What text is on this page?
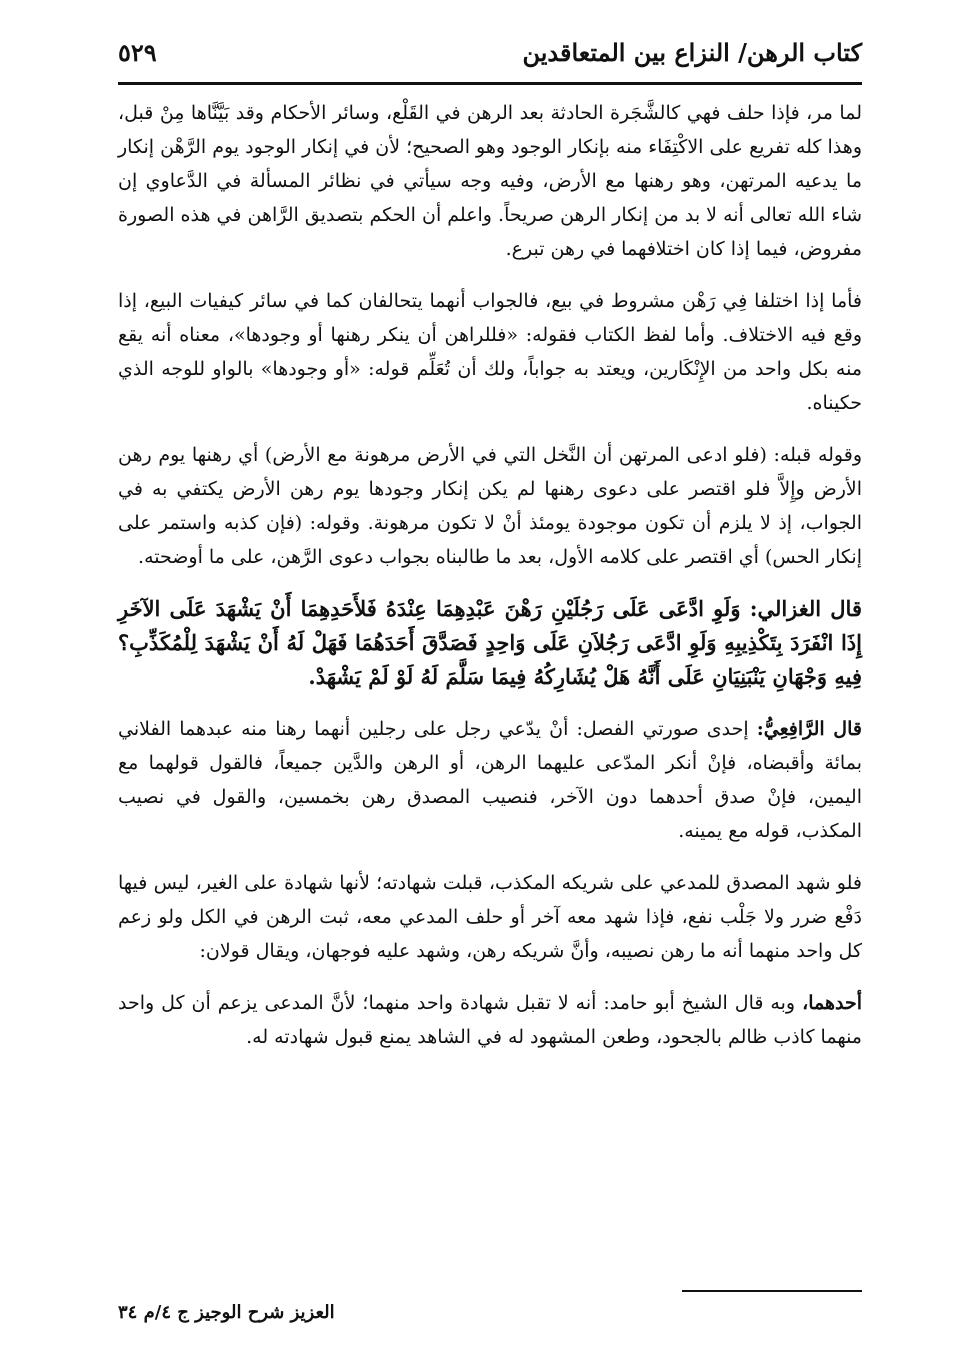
كتاب الرهن/ النزاع بين المتعاقدين
٥٢٩

لما مر، فإذا حلف فهي كالشَّجَرة الحادثة بعد الرهن في القَلْع، وسائر الأحكام وقد بَيَّنَّاها مِنْ قبل، وهذا كله تفريع على الاكْتِفَاء منه بإنكار الوجود وهو الصحيح؛ لأن في إنكار الوجود يوم الرَّهْن إنكار ما يدعيه المرتهن، وهو رهنها مع الأرض، وفيه وجه سيأتي في نظائر المسألة في الدَّعاوي إن شاء الله تعالى أنه لا بد من إنكار الرهن صريحاً. واعلم أن الحكم بتصديق الرَّاهن في هذه الصورة مفروض، فيما إذا كان اختلافهما في رهن تبرع.

فأما إذا اختلفا فِي رَهْن مشروط في بيع، فالجواب أنهما يتحالفان كما في سائر كيفيات البيع، إذا وقع فيه الاختلاف. وأما لفظ الكتاب فقوله: «فللراهن أن ينكر رهنها أو وجودها»، معناه أنه يقع منه بكل واحد من الإِنْكَارين، ويعتد به جواباً، ولك أن تُعَلِّم قوله: «أو وجودها» بالواو للوجه الذي حكيناه.

وقوله قبله: (فلو ادعى المرتهن أن النَّخل التي في الأرض مرهونة مع الأرض) أي رهنها يوم رهن الأرض وإِلاَّ فلو اقتصر على دعوى رهنها لم يكن إنكار وجودها يوم رهن الأرض يكتفي به في الجواب، إذ لا يلزم أن تكون موجودة يومئذ أنْ لا تكون مرهونة. وقوله: (فإن كذبه واستمر على إنكار الحس) أي اقتصر على كلامه الأول، بعد ما طالبناه بجواب دعوى الرَّهن، على ما أوضحته.

قال الغزالي: وَلَوِ ادَّعَى عَلَى رَجُلَيْنِ رَهْنَ عَبْدِهِمَا عِنْدَهُ فَلأَحَدِهِمَا أَنْ يَشْهَدَ عَلَى الآخَرِ إِذَا انْفَرَدَ بِتَكْذِيبِهِ وَلَوِ ادَّعَى رَجُلاَنِ عَلَى وَاحِدٍ فَصَدَّقَ أَحَدَهُمَا فَهَلْ لَهُ أَنْ يَشْهَدَ لِلْمُكَذِّبِ؟ فِيهِ وَجْهَانِ يَنْبَنِيَانِ عَلَى أَنَّهُ هَلْ يُشَارِكُهُ فِيمَا سَلَّمَ لَهُ لَوْ لَمْ يَشْهَدْ.

قال الرَّافِعِيُّ: إحدى صورتي الفصل: أنْ يدّعي رجل على رجلين أنهما رهنا منه عبدهما الفلاني بمائة وأقبضاه، فإنْ أنكر المدّعى عليهما الرهن، أو الرهن والدَّين جميعاً، فالقول قولهما مع اليمين، فإنْ صدق أحدهما دون الآخر، فنصيب المصدق رهن بخمسين، والقول في نصيب المكذب، قوله مع يمينه.

فلو شهد المصدق للمدعي على شريكه المكذب، قبلت شهادته؛ لأنها شهادة على الغير، ليس فيها دَفْع ضرر ولا جَلْب نفع، فإذا شهد معه آخر أو حلف المدعي معه، ثبت الرهن في الكل ولو زعم كل واحد منهما أنه ما رهن نصيبه، وأنَّ شريكه رهن، وشهد عليه فوجهان، ويقال قولان:

أحدهما، وبه قال الشيخ أبو حامد: أنه لا تقبل شهادة واحد منهما؛ لأنَّ المدعى يزعم أن كل واحد منهما كاذب ظالم بالجحود، وطعن المشهود له في الشاهد يمنع قبول شهادته له.

العزيز شرح الوجيز ج ٤/م ٣٤
